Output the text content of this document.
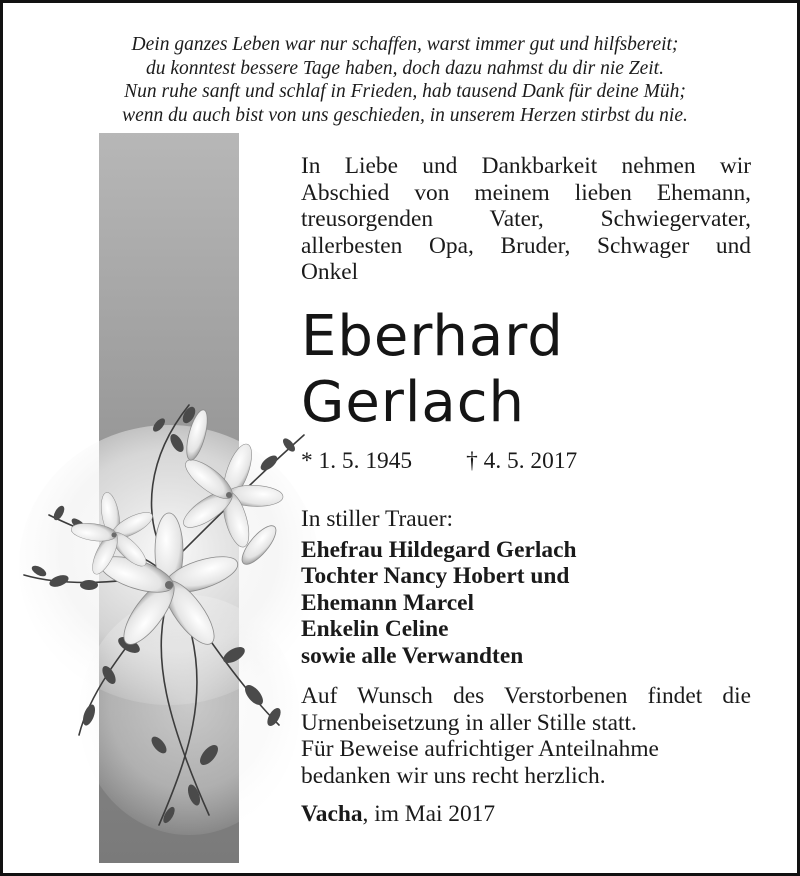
Dein ganzes Leben war nur schaffen, warst immer gut und hilfsbereit;
du konntest bessere Tage haben, doch dazu nahmst du dir nie Zeit.
Nun ruhe sanft und schlaf in Frieden, hab tausend Dank für deine Müh;
wenn du auch bist von uns geschieden, in unserem Herzen stirbst du nie.
In Liebe und Dankbarkeit nehmen wir
Abschied von meinem lieben Ehemann,
treusorgenden Vater, Schwiegervater,
allerbesten Opa, Bruder, Schwager und
Onkel
Eberhard
Gerlach
* 1. 5. 1945 † 4. 5. 2017
In stiller Trauer:
Ehefrau Hildegard Gerlach
Tochter Nancy Hobert und
Ehemann Marcel
Enkelin Celine
sowie alle Verwandten
Auf Wunsch des Verstorbenen findet die
Urnenbeisetzung in aller Stille statt.
Für Beweise aufrichtiger Anteilnahme
bedanken wir uns recht herzlich.
Vacha, im Mai 2017
